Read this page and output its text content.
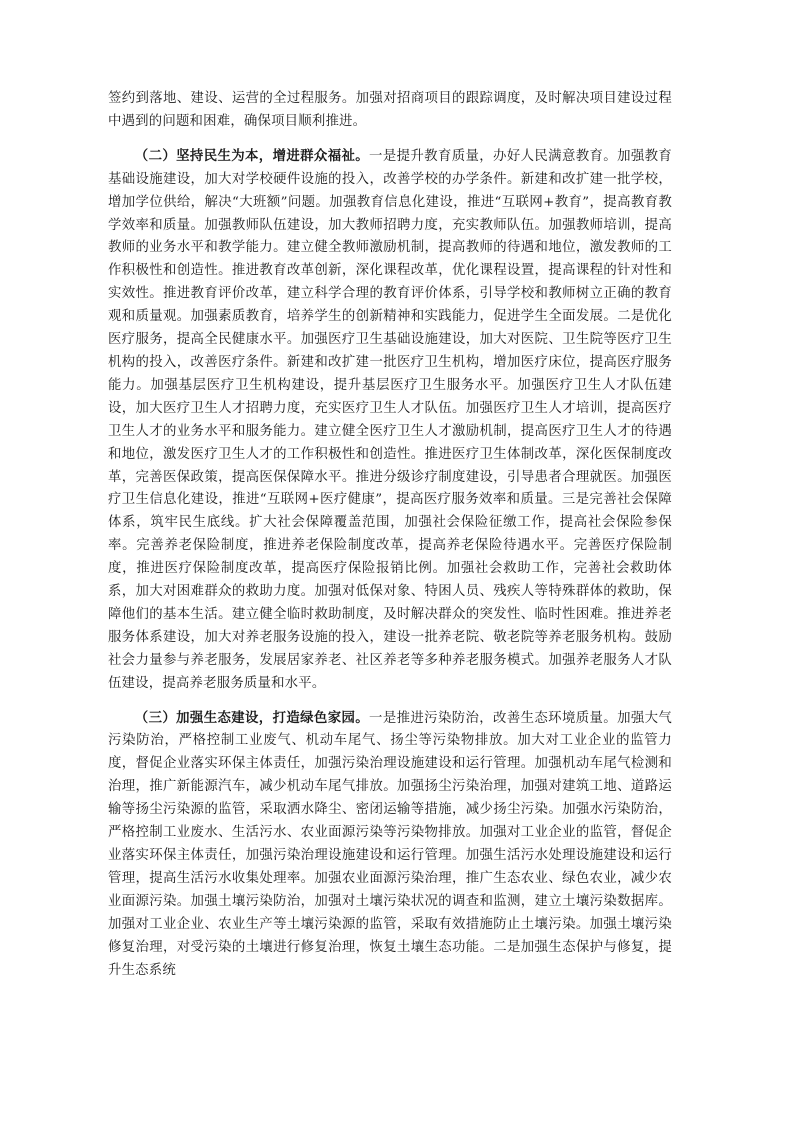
签约到落地、建设、运营的全过程服务。加强对招商项目的跟踪调度，及时解决项目建设过程中遇到的问题和困难，确保项目顺利推进。

（二）坚持民生为本，增进群众福祉。一是提升教育质量，办好人民满意教育。加强教育基础设施建设，加大对学校硬件设施的投入，改善学校的办学条件。新建和改扩建一批学校，增加学位供给，解决“大班额”问题。加强教育信息化建设，推进“互联网+教育”，提高教育教学效率和质量。加强教师队伍建设，加大教师招聘力度，充实教师队伍。加强教师培训，提高教师的业务水平和教学能力。建立健全教师激励机制，提高教师的待遇和地位，激发教师的工作积极性和创造性。推进教育改革创新，深化课程改革，优化课程设置，提高课程的针对性和实效性。推进教育评价改革，建立科学合理的教育评价体系，引导学校和教师树立正确的教育观和质量观。加强素质教育，培养学生的创新精神和实践能力，促进学生全面发展。二是优化医疗服务，提高全民健康水平。加强医疗卫生基础设施建设，加大对医院、卫生院等医疗卫生机构的投入，改善医疗条件。新建和改扩建一批医疗卫生机构，增加医疗床位，提高医疗服务能力。加强基层医疗卫生机构建设，提升基层医疗卫生服务水平。加强医疗卫生人才队伍建设，加大医疗卫生人才招聘力度，充实医疗卫生人才队伍。加强医疗卫生人才培训，提高医疗卫生人才的业务水平和服务能力。建立健全医疗卫生人才激励机制，提高医疗卫生人才的待遇和地位，激发医疗卫生人才的工作积极性和创造性。推进医疗卫生体制改革，深化医保制度改革，完善医保政策，提高医保保障水平。推进分级诊疗制度建设，引导患者合理就医。加强医疗卫生信息化建设，推进“互联网+医疗健康”，提高医疗服务效率和质量。三是完善社会保障体系，筑牢民生底线。扩大社会保障覆盖范围，加强社会保险征缴工作，提高社会保险参保率。完善养老保险制度，推进养老保险制度改革，提高养老保险待遇水平。完善医疗保险制度，推进医疗保险制度改革，提高医疗保险报销比例。加强社会救助工作，完善社会救助体系，加大对困难群众的救助力度。加强对低保对象、特困人员、残疾人等特殊群体的救助，保障他们的基本生活。建立健全临时救助制度，及时解决群众的突发性、临时性困难。推进养老服务体系建设，加大对养老服务设施的投入，建设一批养老院、敬老院等养老服务机构。鼓励社会力量参与养老服务，发展居家养老、社区养老等多种养老服务模式。加强养老服务人才队伍建设，提高养老服务质量和水平。

（三）加强生态建设，打造绿色家园。一是推进污染防治，改善生态环境质量。加强大气污染防治，严格控制工业废气、机动车尾气、扬尘等污染物排放。加大对工业企业的监管力度，督促企业落实环保主体责任，加强污染治理设施建设和运行管理。加强机动车尾气检测和治理，推广新能源汽车，减少机动车尾气排放。加强扬尘污染治理，加强对建筑工地、道路运输等扬尘污染源的监管，采取洒水降尘、密闭运输等措施，减少扬尘污染。加强水污染防治，严格控制工业废水、生活污水、农业面源污染等污染物排放。加强对工业企业的监管，督促企业落实环保主体责任，加强污染治理设施建设和运行管理。加强生活污水处理设施建设和运行管理，提高生活污水收集处理率。加强农业面源污染治理，推广生态农业、绿色农业，减少农业面源污染。加强土壤污染防治，加强对土壤污染状况的调查和监测，建立土壤污染数据库。加强对工业企业、农业生产等土壤污染源的监管，采取有效措施防止土壤污染。加强土壤污染修复治理，对受污染的土壤进行修复治理，恢复土壤生态功能。二是加强生态保护与修复，提升生态系统
